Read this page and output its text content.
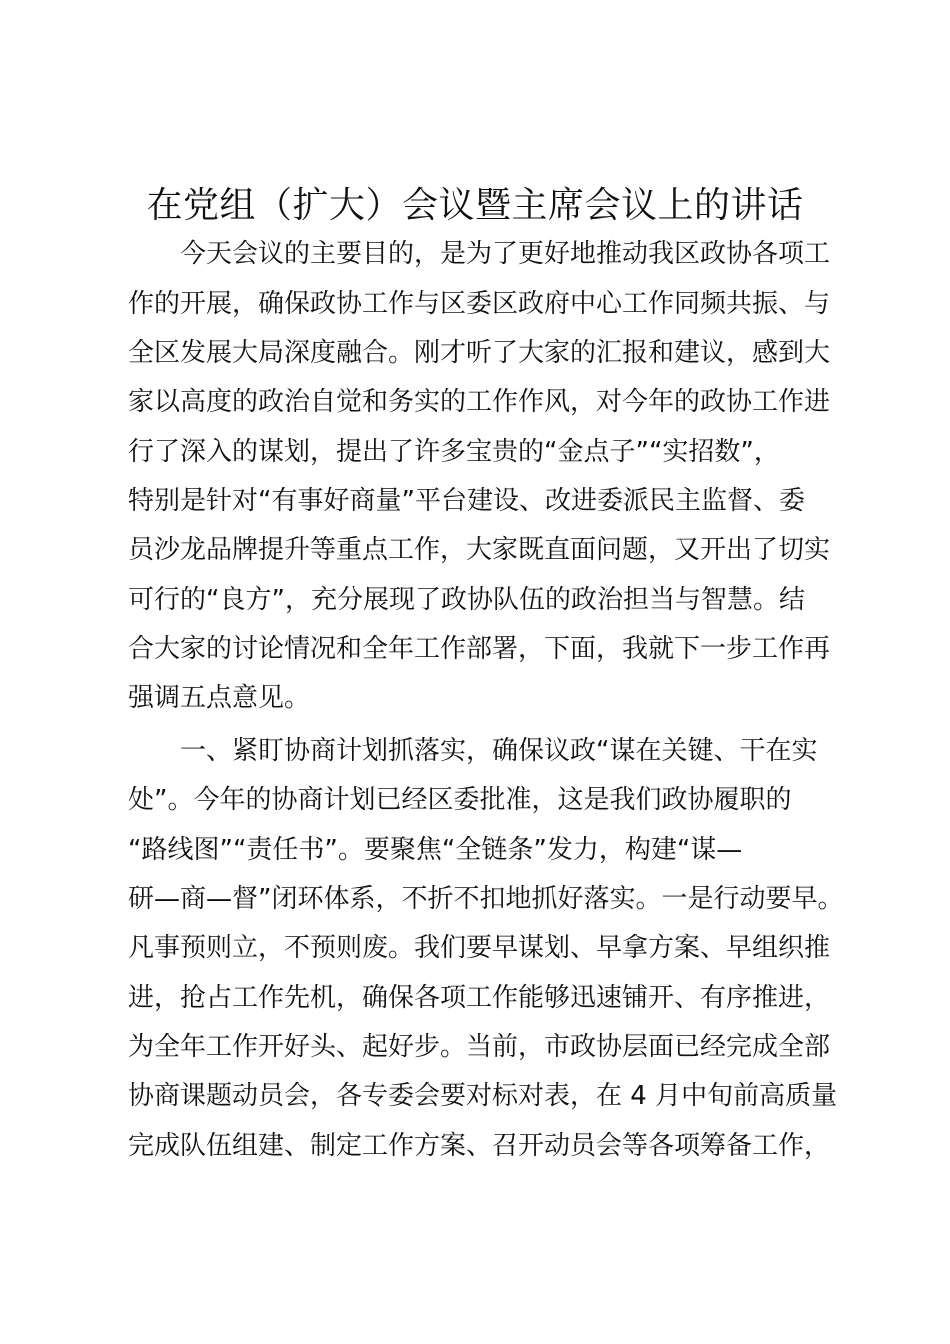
在党组（扩大）会议暨主席会议上的讲话
今天会议的主要目的，是为了更好地推动我区政协各项工
作的开展，确保政协工作与区委区政府中心工作同频共振、与
全区发展大局深度融合。刚才听了大家的汇报和建议，感到大
家以高度的政治自觉和务实的工作作风，对今年的政协工作进
行了深入的谋划，提出了许多宝贵的“金点子”“实招数”，
特别是针对“有事好商量”平台建设、改进委派民主监督、委
员沙龙品牌提升等重点工作，大家既直面问题，又开出了切实
可行的“良方”，充分展现了政协队伍的政治担当与智慧。结
合大家的讨论情况和全年工作部署，下面，我就下一步工作再
强调五点意见。
一、紧盯协商计划抓落实，确保议政“谋在关键、干在实
处”。今年的协商计划已经区委批准，这是我们政协履职的
“路线图”“责任书”。要聚焦“全链条”发力，构建“谋—
研—商—督”闭环体系，不折不扣地抓好落实。一是行动要早。
凡事预则立，不预则废。我们要早谋划、早拿方案、早组织推
进，抢占工作先机，确保各项工作能够迅速铺开、有序推进，
为全年工作开好头、起好步。当前，市政协层面已经完成全部
协商课题动员会，各专委会要对标对表，在 4 月中旬前高质量
完成队伍组建、制定工作方案、召开动员会等各项筹备工作，
